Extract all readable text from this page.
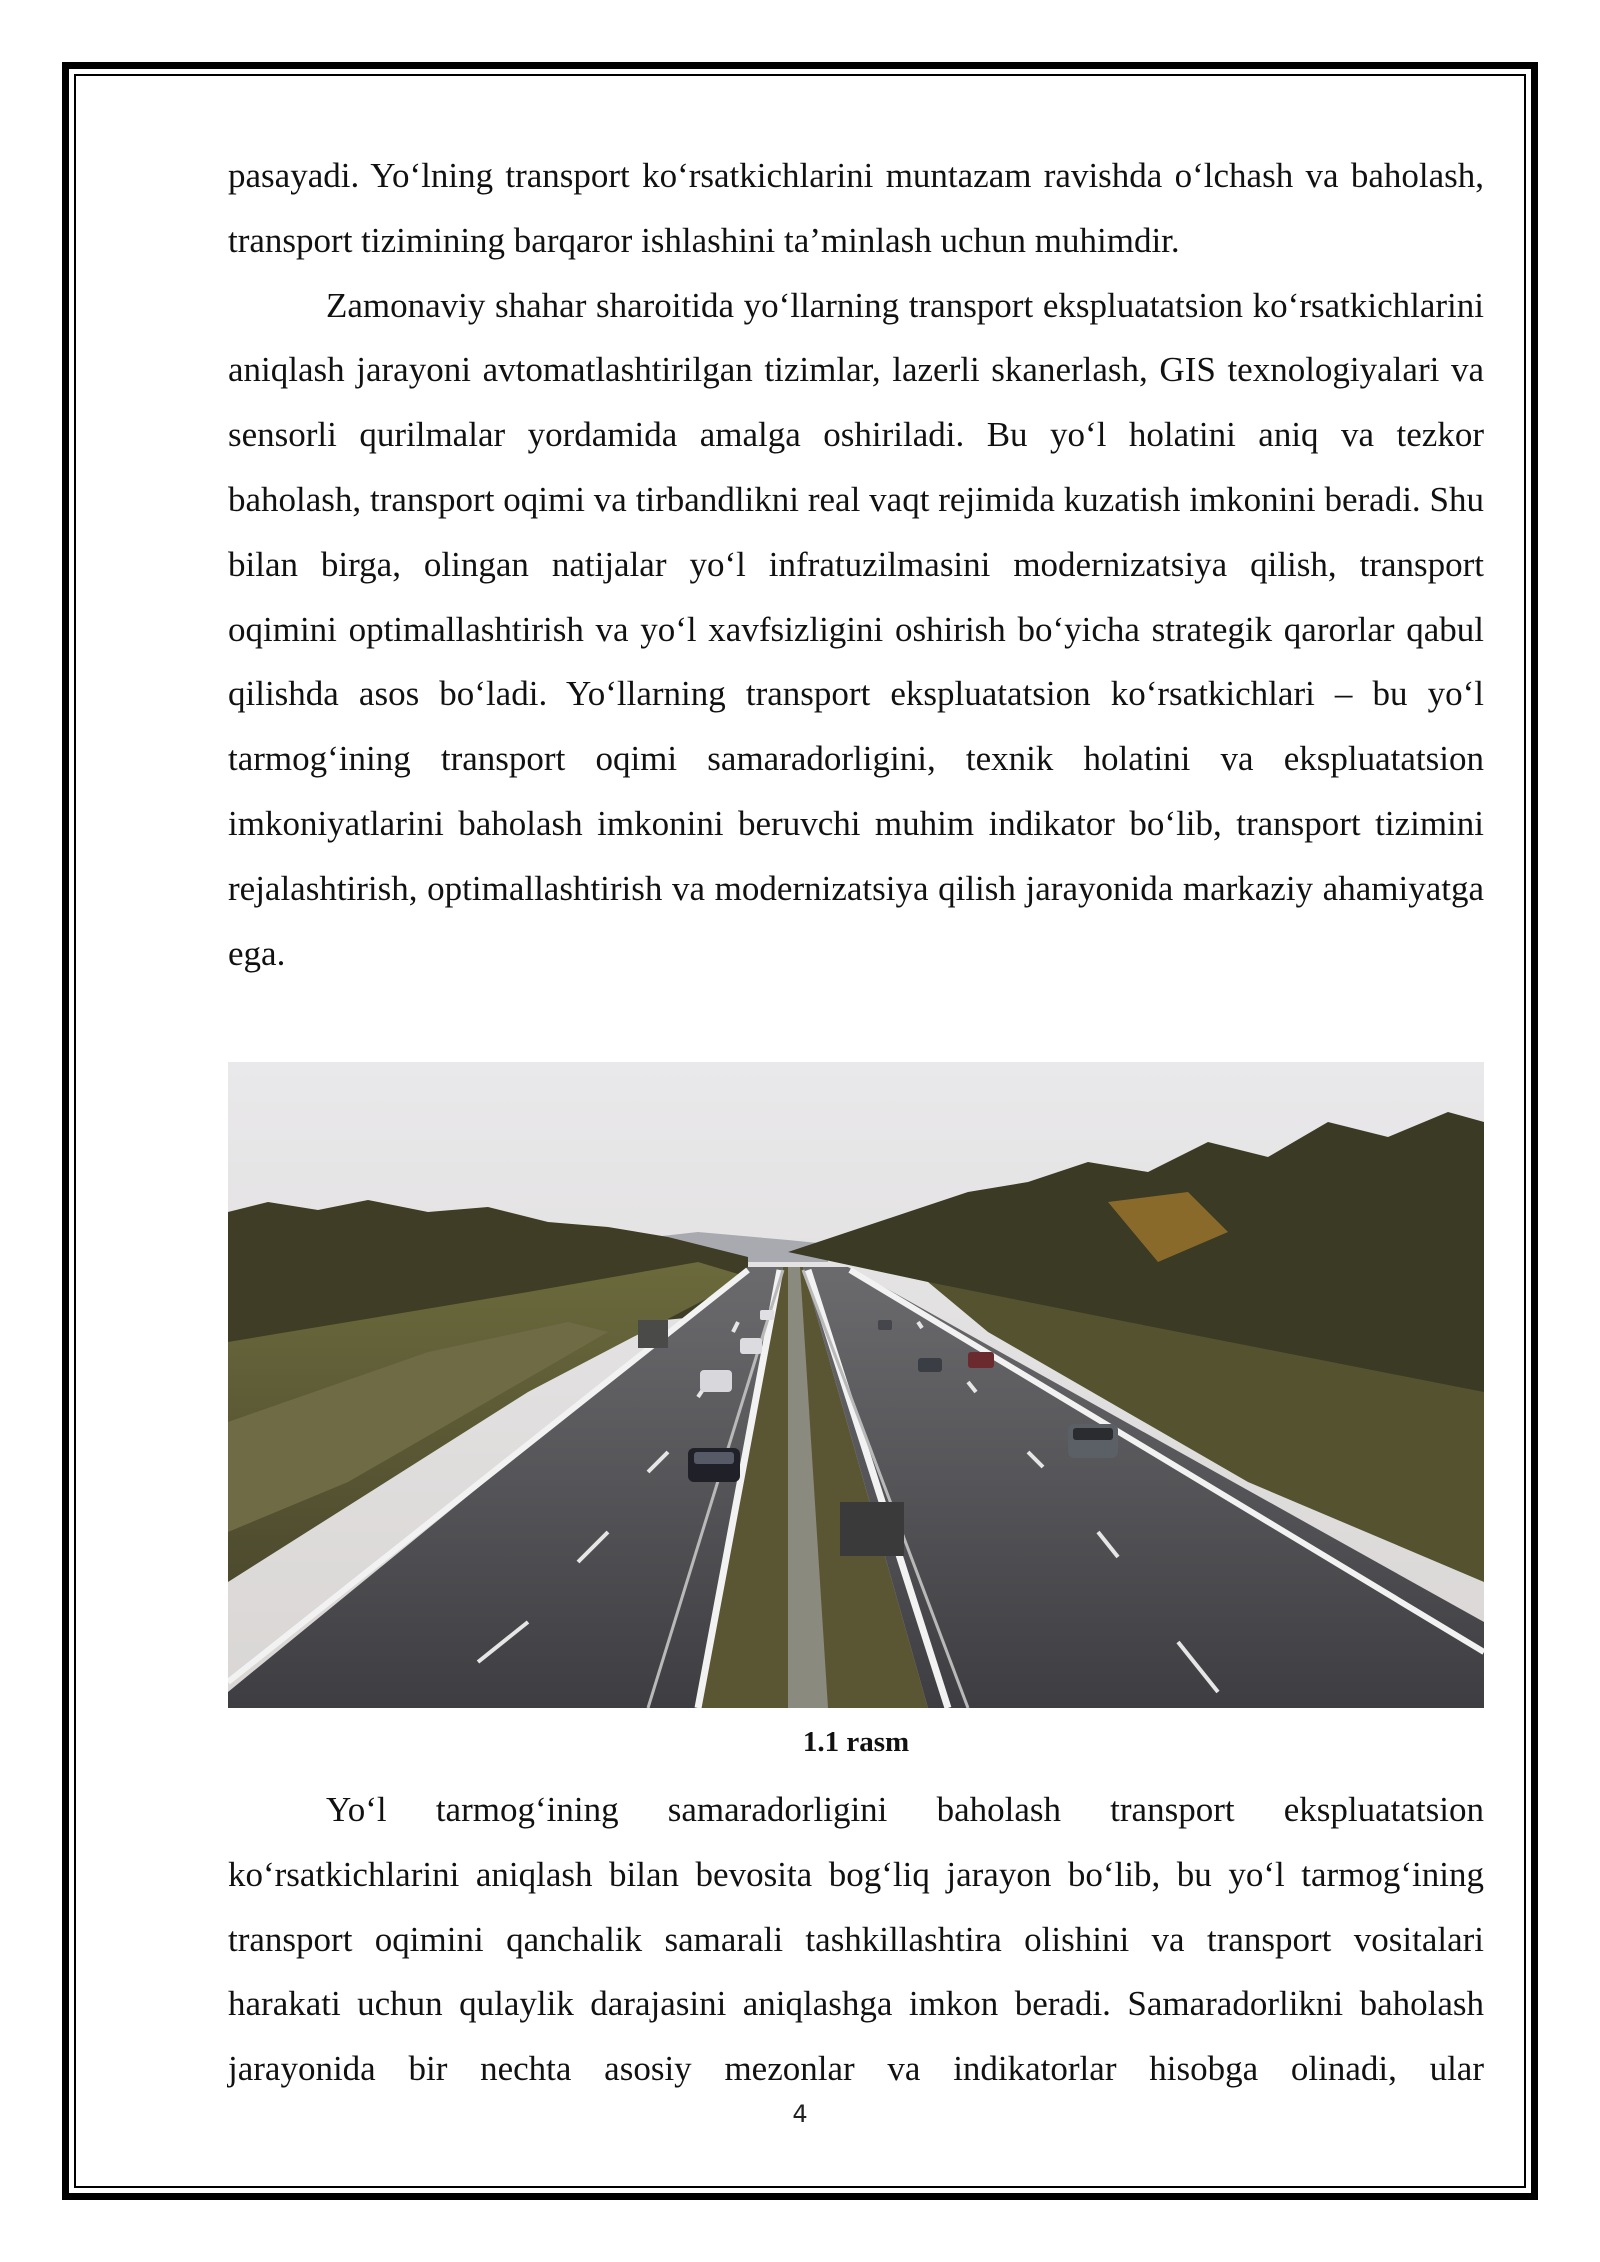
pasayadi. Yo‘lning transport ko‘rsatkichlarini muntazam ravishda o‘lchash va baholash, transport tizimining barqaror ishlashini ta’minlash uchun muhimdir.

Zamonaviy shahar sharoitida yo‘llarning transport ekspluatatsion ko‘rsatkichlarini aniqlash jarayoni avtomatlashtirilgan tizimlar, lazerli skanerlash, GIS texnologiyalari va sensorli qurilmalar yordamida amalga oshiriladi. Bu yo‘l holatini aniq va tezkor baholash, transport oqimi va tirbandlikni real vaqt rejimida kuzatish imkonini beradi. Shu bilan birga, olingan natijalar yo‘l infratuzilmasini modernizatsiya qilish, transport oqimini optimallashtirish va yo‘l xavfsizligini oshirish bo‘yicha strategik qarorlar qabul qilishda asos bo‘ladi. Yo‘llarning transport ekspluatatsion ko‘rsatkichlari – bu yo‘l tarmog‘ining transport oqimi samaradorligini, texnik holatini va ekspluatatsion imkoniyatlarini baholash imkonini beruvchi muhim indikator bo‘lib, transport tizimini rejalashtirish, optimallashtirish va modernizatsiya qilish jarayonida markaziy ahamiyatga ega.

1.1 rasm

Yo‘l tarmog‘ining samaradorligini baholash transport ekspluatatsion ko‘rsatkichlarini aniqlash bilan bevosita bog‘liq jarayon bo‘lib, bu yo‘l tarmog‘ining transport oqimini qanchalik samarali tashkillashtira olishini va transport vositalari harakati uchun qulaylik darajasini aniqlashga imkon beradi. Samaradorlikni baholash jarayonida bir nechta asosiy mezonlar va indikatorlar hisobga olinadi, ular

4
